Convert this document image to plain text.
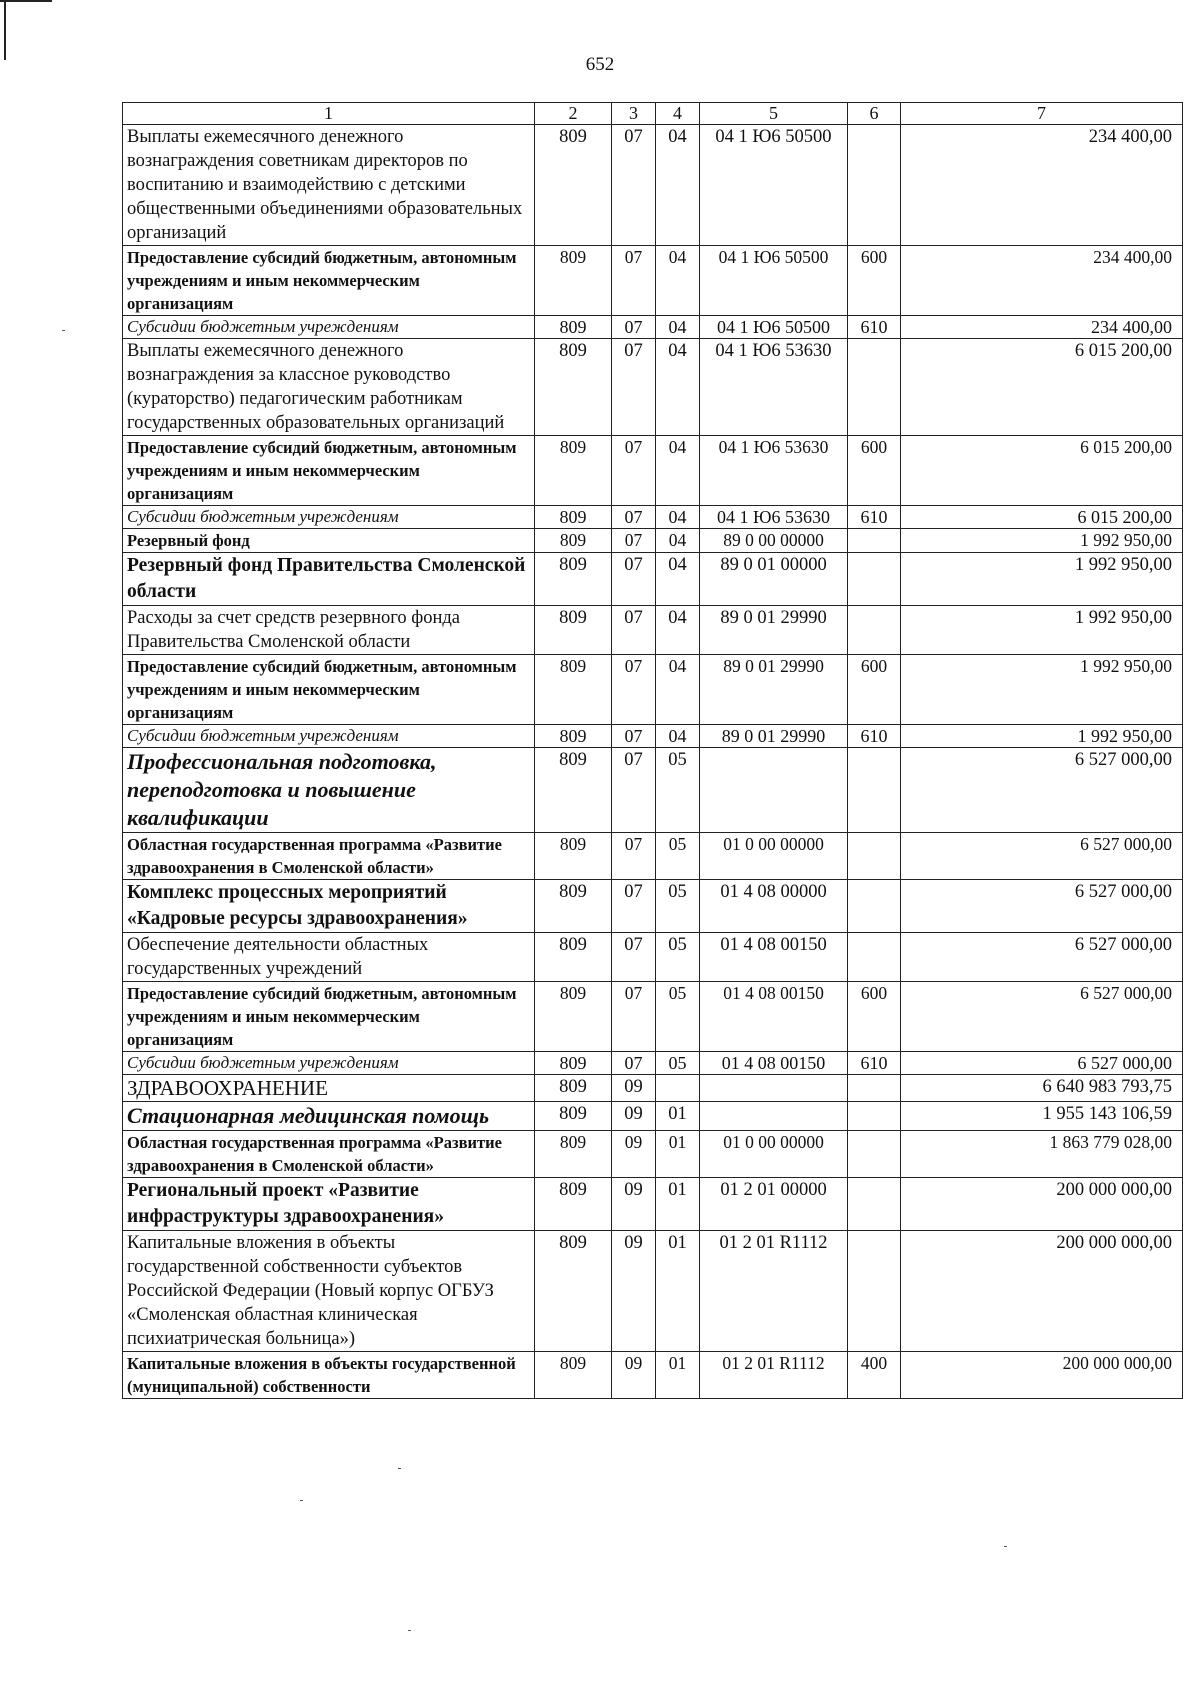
652
1	2	3	4	5	6	7
Выплаты ежемесячного денежного вознаграждения советникам директоров по воспитанию и взаимодействию с детскими общественными объединениями образовательных организаций	809	07	04	04 1 Ю6 50500		234 400,00
Предоставление субсидий бюджетным, автономным учреждениям и иным некоммерческим организациям	809	07	04	04 1 Ю6 50500	600	234 400,00
Субсидии бюджетным учреждениям	809	07	04	04 1 Ю6 50500	610	234 400,00
Выплаты ежемесячного денежного вознаграждения за классное руководство (кураторство) педагогическим работникам государственных образовательных организаций	809	07	04	04 1 Ю6 53630		6 015 200,00
Предоставление субсидий бюджетным, автономным учреждениям и иным некоммерческим организациям	809	07	04	04 1 Ю6 53630	600	6 015 200,00
Субсидии бюджетным учреждениям	809	07	04	04 1 Ю6 53630	610	6 015 200,00
Резервный фонд	809	07	04	89 0 00 00000		1 992 950,00
Резервный фонд Правительства Смоленской области	809	07	04	89 0 01 00000		1 992 950,00
Расходы за счет средств резервного фонда Правительства Смоленской области	809	07	04	89 0 01 29990		1 992 950,00
Предоставление субсидий бюджетным, автономным учреждениям и иным некоммерческим организациям	809	07	04	89 0 01 29990	600	1 992 950,00
Субсидии бюджетным учреждениям	809	07	04	89 0 01 29990	610	1 992 950,00
Профессиональная подготовка, переподготовка и повышение квалификации	809	07	05			6 527 000,00
Областная государственная программа «Развитие здравоохранения в Смоленской области»	809	07	05	01 0 00 00000		6 527 000,00
Комплекс процессных мероприятий «Кадровые ресурсы здравоохранения»	809	07	05	01 4 08 00000		6 527 000,00
Обеспечение деятельности областных государственных учреждений	809	07	05	01 4 08 00150		6 527 000,00
Предоставление субсидий бюджетным, автономным учреждениям и иным некоммерческим организациям	809	07	05	01 4 08 00150	600	6 527 000,00
Субсидии бюджетным учреждениям	809	07	05	01 4 08 00150	610	6 527 000,00
ЗДРАВООХРАНЕНИЕ	809	09				6 640 983 793,75
Стационарная медицинская помощь	809	09	01			1 955 143 106,59
Областная государственная программа «Развитие здравоохранения в Смоленской области»	809	09	01	01 0 00 00000		1 863 779 028,00
Региональный проект «Развитие инфраструктуры здравоохранения»	809	09	01	01 2 01 00000		200 000 000,00
Капитальные вложения в объекты государственной собственности субъектов Российской Федерации (Новый корпус ОГБУЗ «Смоленская областная клиническая психиатрическая больница»)	809	09	01	01 2 01 R1112		200 000 000,00
Капитальные вложения в объекты государственной (муниципальной) собственности	809	09	01	01 2 01 R1112	400	200 000 000,00
